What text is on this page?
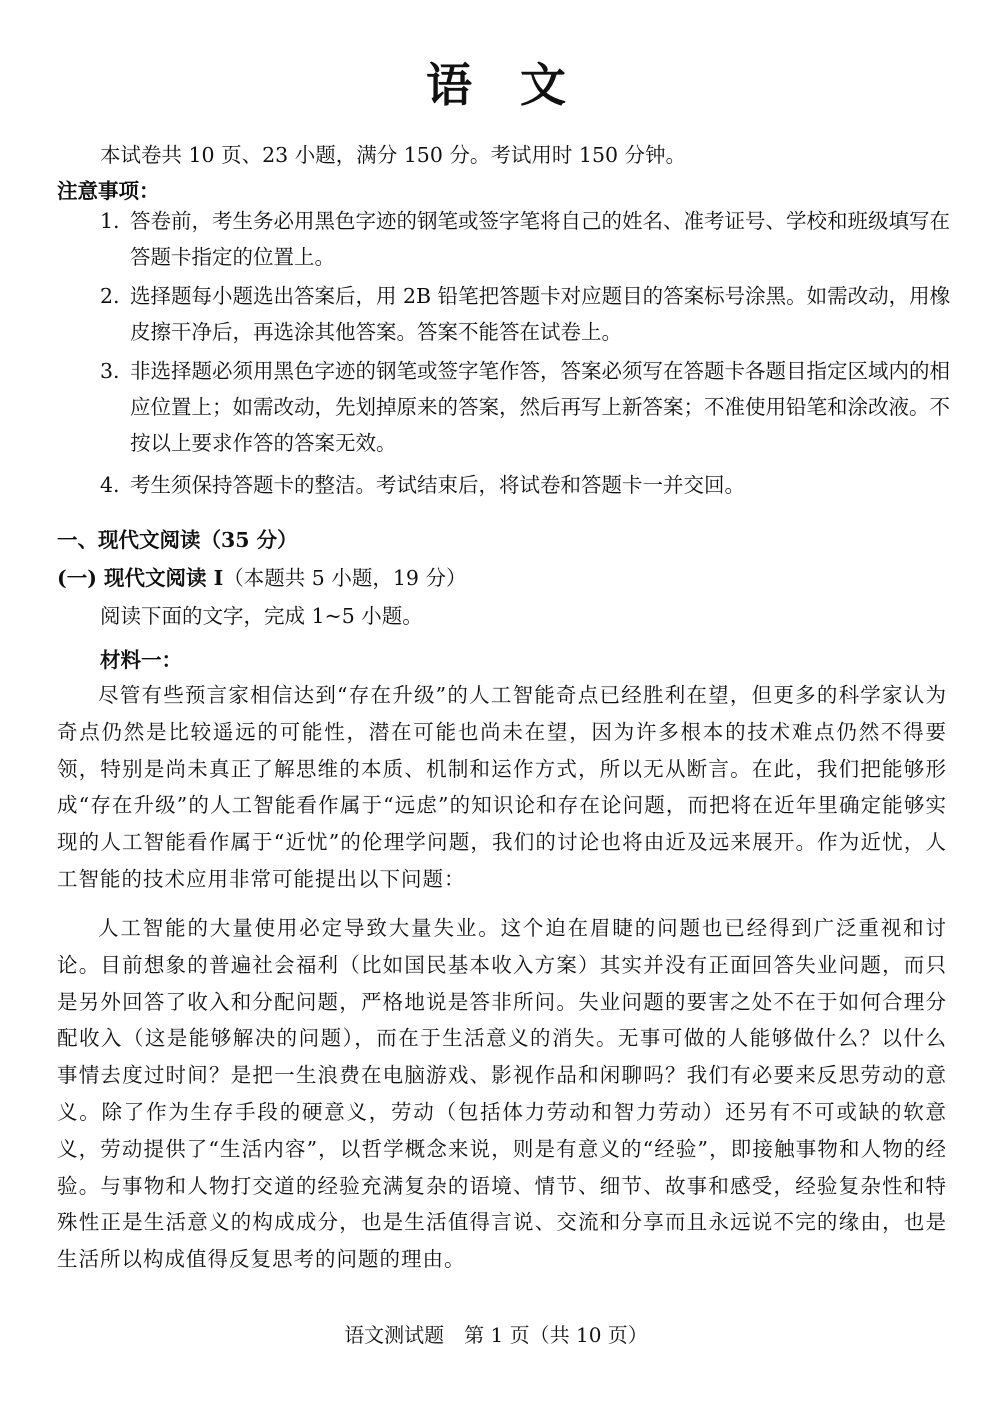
语文
本试卷共 10 页、23 小题，满分 150 分。考试用时 150 分钟。
注意事项：
1. 答卷前，考生务必用黑色字迹的钢笔或签字笔将自己的姓名、准考证号、学校和班级填写在答题卡指定的位置上。
2. 选择题每小题选出答案后，用 2B 铅笔把答题卡对应题目的答案标号涂黑。如需改动，用橡皮擦干净后，再选涂其他答案。答案不能答在试卷上。
3. 非选择题必须用黑色字迹的钢笔或签字笔作答，答案必须写在答题卡各题目指定区域内的相应位置上；如需改动，先划掉原来的答案，然后再写上新答案；不准使用铅笔和涂改液。不按以上要求作答的答案无效。
4. 考生须保持答题卡的整洁。考试结束后，将试卷和答题卡一并交回。
一、现代文阅读（35 分）
(一) 现代文阅读 I（本题共 5 小题，19 分）
阅读下面的文字，完成 1~5 小题。
材料一：
尽管有些预言家相信达到“存在升级”的人工智能奇点已经胜利在望，但更多的科学家认为奇点仍然是比较遥远的可能性，潜在可能也尚未在望，因为许多根本的技术难点仍然不得要领，特别是尚未真正了解思维的本质、机制和运作方式，所以无从断言。在此，我们把能够形成“存在升级”的人工智能看作属于“远虑”的知识论和存在论问题，而把将在近年里确定能够实现的人工智能看作属于“近忧”的伦理学问题，我们的讨论也将由近及远来展开。作为近忧，人工智能的技术应用非常可能提出以下问题：
人工智能的大量使用必定导致大量失业。这个迫在眉睫的问题也已经得到广泛重视和讨论。目前想象的普遍社会福利（比如国民基本收入方案）其实并没有正面回答失业问题，而只是另外回答了收入和分配问题，严格地说是答非所问。失业问题的要害之处不在于如何合理分配收入（这是能够解决的问题），而在于生活意义的消失。无事可做的人能够做什么？以什么事情去度过时间？是把一生浪费在电脑游戏、影视作品和闲聊吗？我们有必要来反思劳动的意义。除了作为生存手段的硬意义，劳动（包括体力劳动和智力劳动）还另有不可或缺的软意义，劳动提供了“生活内容”，以哲学概念来说，则是有意义的“经验”，即接触事物和人物的经验。与事物和人物打交道的经验充满复杂的语境、情节、细节、故事和感受，经验复杂性和特殊性正是生活意义的构成成分，也是生活值得言说、交流和分享而且永远说不完的缘由，也是生活所以构成值得反复思考的问题的理由。
语文测试题　第 1 页（共 10 页）
